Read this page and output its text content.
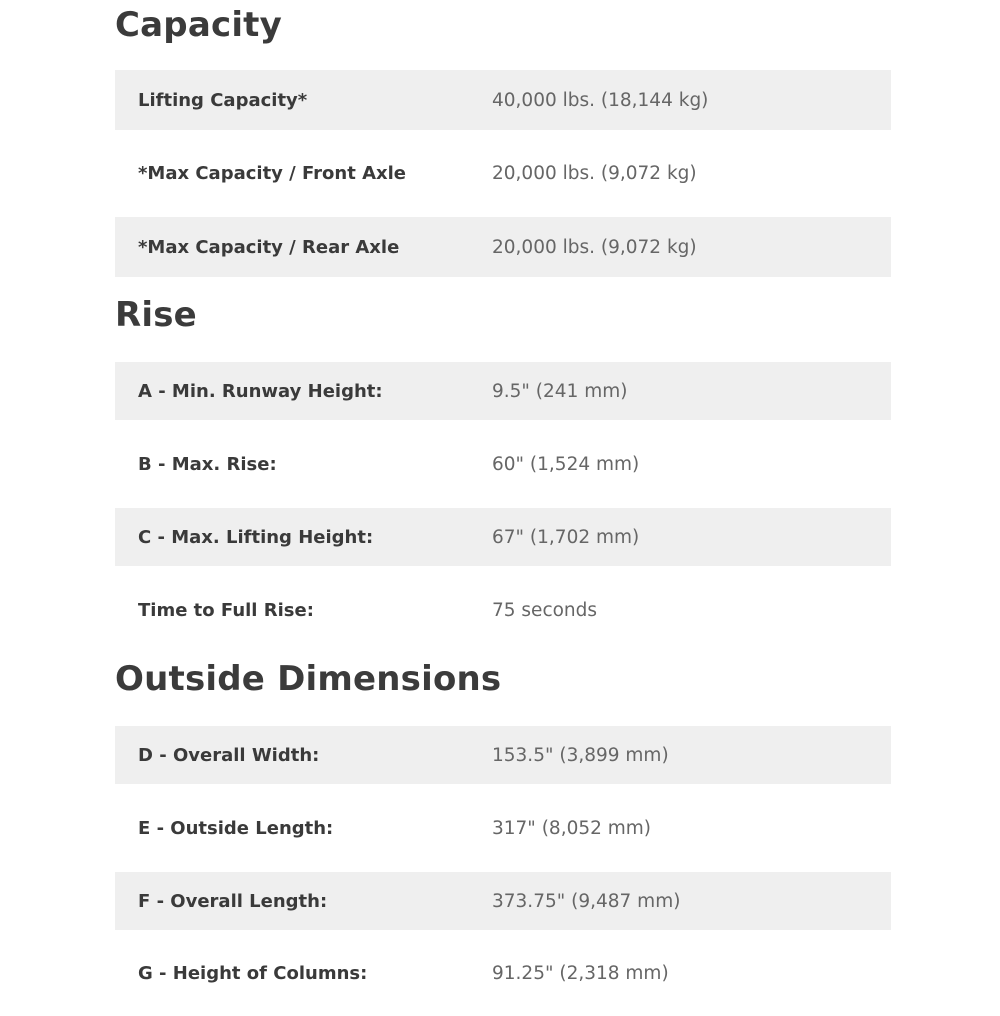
Capacity
Lifting Capacity*	40,000 lbs. (18,144 kg)
*Max Capacity / Front Axle	20,000 lbs. (9,072 kg)
*Max Capacity / Rear Axle	20,000 lbs. (9,072 kg)
Rise
A - Min. Runway Height:	9.5" (241 mm)
B - Max. Rise:	60" (1,524 mm)
C - Max. Lifting Height:	67" (1,702 mm)
Time to Full Rise:	75 seconds
Outside Dimensions
D - Overall Width:	153.5" (3,899 mm)
E - Outside Length:	317" (8,052 mm)
F - Overall Length:	373.75" (9,487 mm)
G - Height of Columns:	91.25" (2,318 mm)
